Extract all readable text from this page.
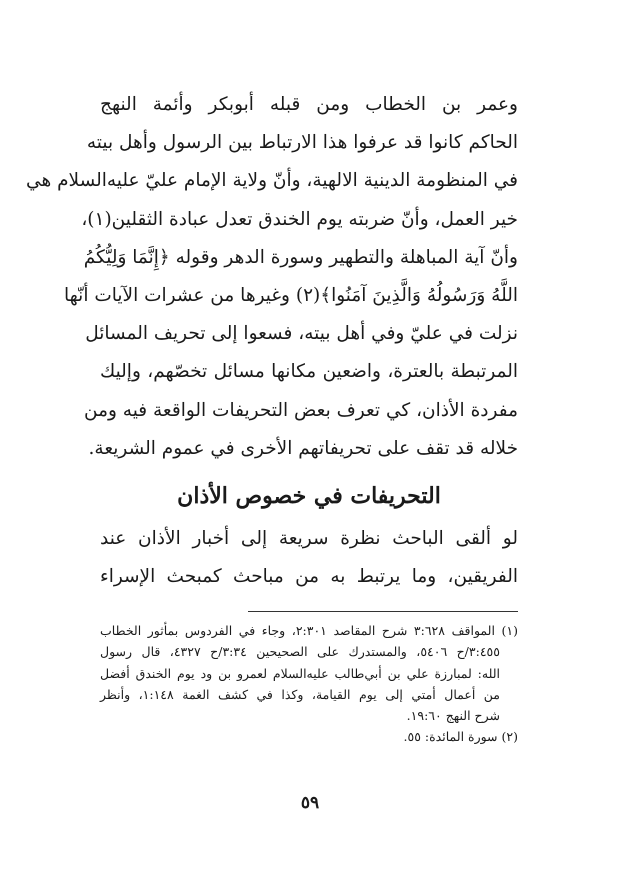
وعمر بن الخطاب ومن قبله أبوبكر وأئمة النهج
الحاكم كانوا قد عرفوا هذا الارتباط بين الرسول وأهل بيته
في المنظومة الدينية الالهية، وأنّ ولاية الإمام عليّ عليه‌السلام هي
خير العمل، وأنّ ضربته يوم الخندق تعدل عبادة الثقلين(١)،
وأنّ آية المباهلة والتطهير وسورة الدهر وقوله ﴿إِنَّمَا وَلِيُّكُمُ
اللَّهُ وَرَسُولُهُ وَالَّذِينَ آمَنُوا﴾(٢) وغيرها من عشرات الآيات أنّها
نزلت في عليّ وفي أهل بيته، فسعوا إلى تحريف المسائل
المرتبطة بالعترة، واضعين مكانها مسائل تخصّهم، وإليك
مفردة الأذان، كي تعرف بعض التحريفات الواقعة فيه ومن
خلاله قد تقف على تحريفاتهم الأخرى في عموم الشريعة.
التحريفات في خصوص الأذان
لو ألقى الباحث نظرة سريعة إلى أخبار الأذان عند
الفريقين، وما يرتبط به من مباحث كمبحث الإسراء
(١) المواقف ٣:٦٢٨ شرح المقاصد ٢:٣٠١، وجاء في الفردوس بمأثور الخطاب
٣:٤٥٥/ح ٥٤٠٦، والمستدرك على الصحيحين ٣:٣٤/ح ٤٣٢٧، قال رسول
الله: لمبارزة علي بن أبي‌طالب عليه‌السلام لعمرو بن ود يوم الخندق أفضل
من أعمال أمتي إلى يوم القيامة، وكذا في كشف الغمة ١:١٤٨، وأنظر
شرح النهج ١٩:٦٠.
(٢) سورة المائدة: ٥٥.
٥٩
